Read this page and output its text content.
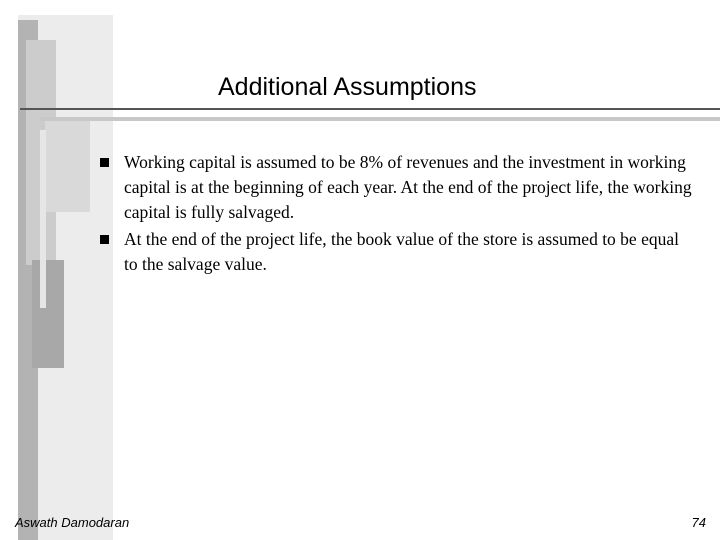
Additional Assumptions
Working capital is assumed to be 8% of revenues and the investment in working capital is at the beginning of each year. At the end of the project life, the working capital is fully salvaged.
At the end of the project life, the book value of the store is assumed to be equal to the salvage value.
Aswath Damodaran	74
